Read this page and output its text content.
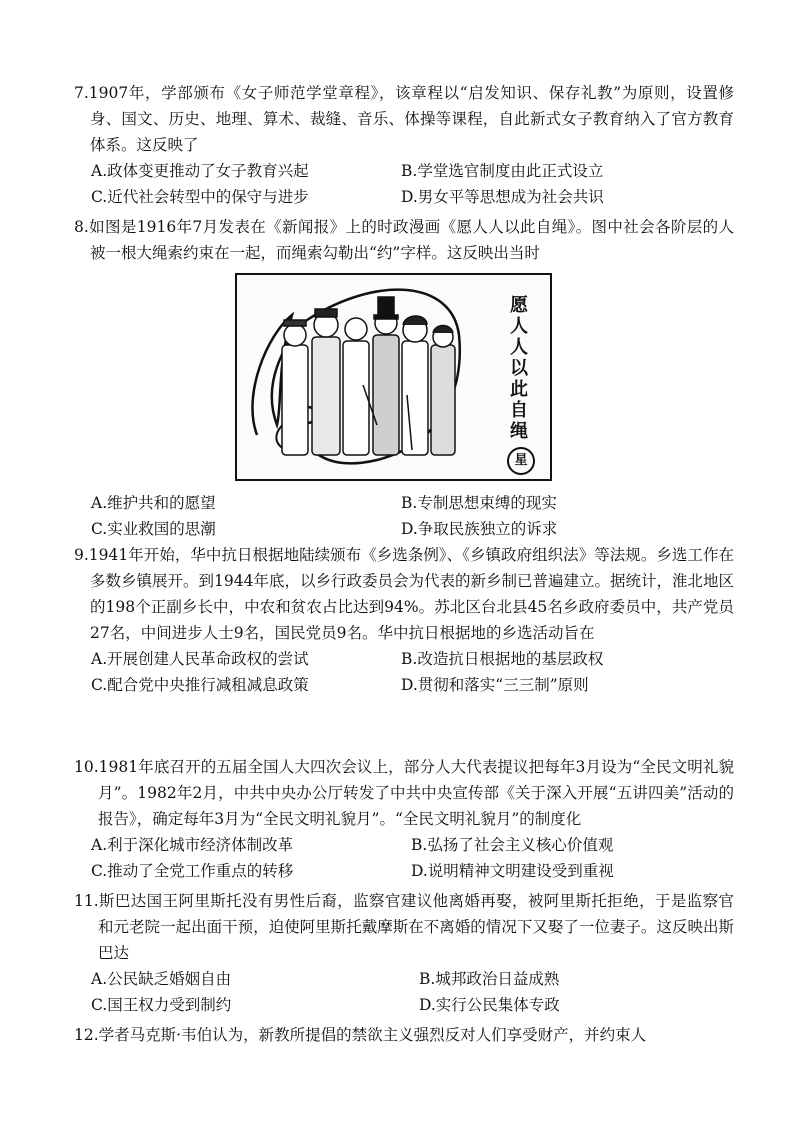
7.1907年，学部颁布《女子师范学堂章程》，该章程以“启发知识、保存礼教”为原则，设置修身、国文、历史、地理、算术、裁缝、音乐、体操等课程，自此新式女子教育纳入了官方教育体系。这反映了

A.政体变更推动了女子教育兴起	B.学堂选官制度由此正式设立
C.近代社会转型中的保守与进步	D.男女平等思想成为社会共识

8.如图是1916年7月发表在《新闻报》上的时政漫画《愿人人以此自绳》。图中社会各阶层的人被一根大绳索约束在一起，而绳索勾勒出“约”字样。这反映出当时

愿人人以此自绳
星
A.维护共和的愿望	B.专制思想束缚的现实
C.实业救国的思潮	D.争取民族独立的诉求

9.1941年开始，华中抗日根据地陆续颁布《乡选条例》、《乡镇政府组织法》等法规。乡选工作在多数乡镇展开。到1944年底，以乡行政委员会为代表的新乡制已普遍建立。据统计，淮北地区的198个正副乡长中，中农和贫农占比达到94%。苏北区台北县45名乡政府委员中，共产党员27名，中间进步人士9名，国民党员9名。华中抗日根据地的乡选活动旨在

A.开展创建人民革命政权的尝试	B.改造抗日根据地的基层政权
C.配合党中央推行减租减息政策	D.贯彻和落实“三三制”原则

10.1981年底召开的五届全国人大四次会议上，部分人大代表提议把每年3月设为“全民文明礼貌月”。1982年2月，中共中央办公厅转发了中共中央宣传部《关于深入开展“五讲四美”活动的报告》，确定每年3月为“全民文明礼貌月”。“全民文明礼貌月”的制度化

A.利于深化城市经济体制改革	B.弘扬了社会主义核心价值观
C.推动了全党工作重点的转移	D.说明精神文明建设受到重视

11.斯巴达国王阿里斯托没有男性后裔，监察官建议他离婚再娶，被阿里斯托拒绝，于是监察官和元老院一起出面干预，迫使阿里斯托戴摩斯在不离婚的情况下又娶了一位妻子。这反映出斯巴达

A.公民缺乏婚姻自由	B.城邦政治日益成熟
C.国王权力受到制约	D.实行公民集体专政

12.学者马克斯·韦伯认为，新教所提倡的禁欲主义强烈反对人们享受财产，并约束人
